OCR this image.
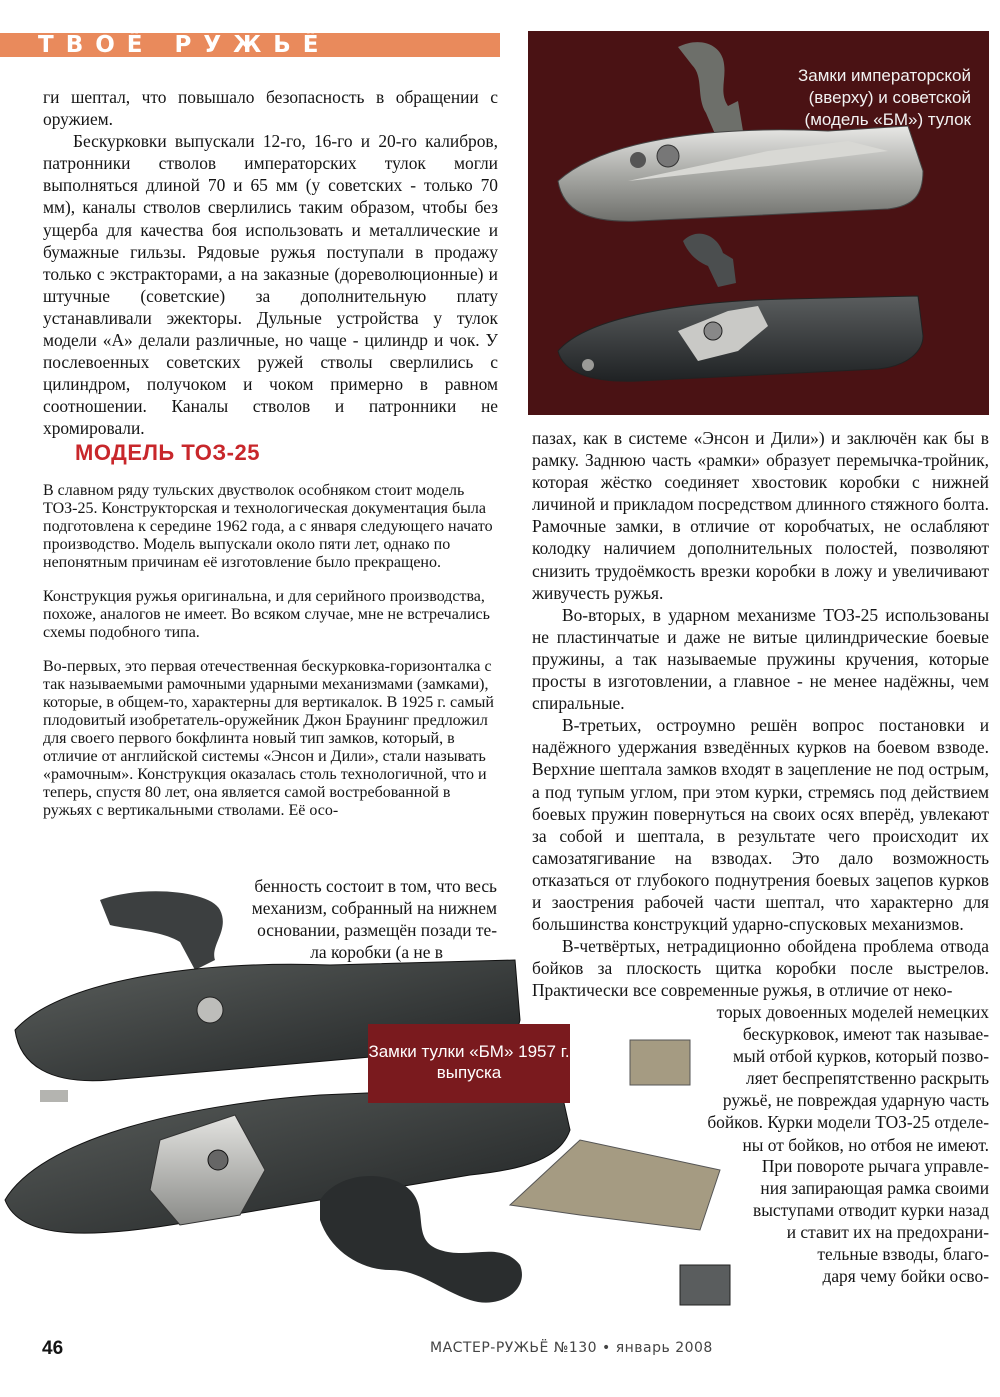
ТВОЁ РУЖЬЁ

ги шептал, что повышало безопасность в обращении с оружием.

Бескурковки выпускали 12-го, 16-го и 20-го калибров, патронники стволов императорских тулок могли выполняться длиной 70 и 65 мм (у советских - только 70 мм), каналы стволов сверлились таким образом, чтобы без ущерба для качества боя использовать и металлические и бумажные гильзы. Рядовые ружья поступали в продажу только с экстракторами, а на заказные (дореволюционные) и штучные (советские) за дополнительную плату устанавливали эжекторы. Дульные устройства у тулок модели «А» делали различные, но чаще - цилиндр и чок. У послевоенных советских ружей стволы сверлились с цилиндром, получоком и чоком примерно в равном соотношении. Каналы стволов и патронники не хромировали.

МОДЕЛЬ ТОЗ-25

В славном ряду тульских двустволок особняком стоит модель ТОЗ-25. Конструкторская и технологическая документация была подготовлена к середине 1962 года, а с января следующего начато производство. Модель выпускали около пяти лет, однако по непонятным причинам её изготовление было прекращено.

Конструкция ружья оригинальна, и для серийного производства, похоже, аналогов не имеет. Во всяком случае, мне не встречались схемы подобного типа.

Во-первых, это первая отечественная бескурковка-горизонталка с так называемыми рамочными ударными механизмами (замками), которые, в общем-то, характерны для вертикалок. В 1925 г. самый плодовитый изобретатель-оружейник Джон Браунинг предложил для своего первого бокфлинта новый тип замков, который, в отличие от английской системы «Энсон и Дили», стали называть «рамочным». Конструкция оказалась столь технологичной, что и теперь, спустя 80 лет, она является самой востребованной в ружьях с вертикальными стволами. Её осо-

бенность состоит в том, что весь

механизм, собранный на нижнем

основании, размещён позади те-

ла коробки (а не в

Замки императорской (вверху) и советской (модель «БМ») тулок

пазах, как в системе «Энсон и Дили») и заключён как бы в рамку. Заднюю часть «рамки» образует перемычка-тройник, которая жёстко соединяет хвостовик коробки с нижней личиной и прикладом посредством длинного стяжного болта. Рамочные замки, в отличие от коробчатых, не ослабляют колодку наличием дополнительных полостей, позволяют снизить трудоёмкость врезки коробки в ложу и увеличивают живучесть ружья.

Во-вторых, в ударном механизме ТОЗ-25 использованы не пластинчатые и даже не витые цилиндрические боевые пружины, а так называемые пружины кручения, которые просты в изготовлении, а главное - не менее надёжны, чем спиральные.

В-третьих, остроумно решён вопрос постановки и надёжного удержания взведённых курков на боевом взводе. Верхние шептала замков входят в зацепление не под острым, а под тупым углом, при этом курки, стремясь под действием боевых пружин повернуться на своих осях вперёд, увлекают за собой и шептала, в результате чего происходит их самозатягивание на взводах. Это дало возможность отказаться от глубокого поднутрения боевых зацепов курков и заострения рабочей части шептал, что характерно для большинства конструкций ударно-спусковых механизмов.

В-четвёртых, нетрадиционно обойдена проблема отвода бойков за плоскость щитка коробки после выстрелов. Практически все современные ружья, в отличие от неко-

торых довоенных моделей немецких

бескурковок, имеют так называе-

мый отбой курков, который позво-

ляет беспрепятственно раскрыть

ружьё, не повреждая ударную часть

бойков. Курки модели ТОЗ-25 отделе-

ны от бойков, но отбоя не имеют.

При повороте рычага управле-

ния запирающая рамка своими

выступами отводит курки назад

и ставит их на предохрани-

тельные взводы, благо-

даря чему бойки осво-

Замки тулки «БМ» 1957 г. выпуска
46	МАСТЕР-РУЖЬЁ №130 • январь 2008
